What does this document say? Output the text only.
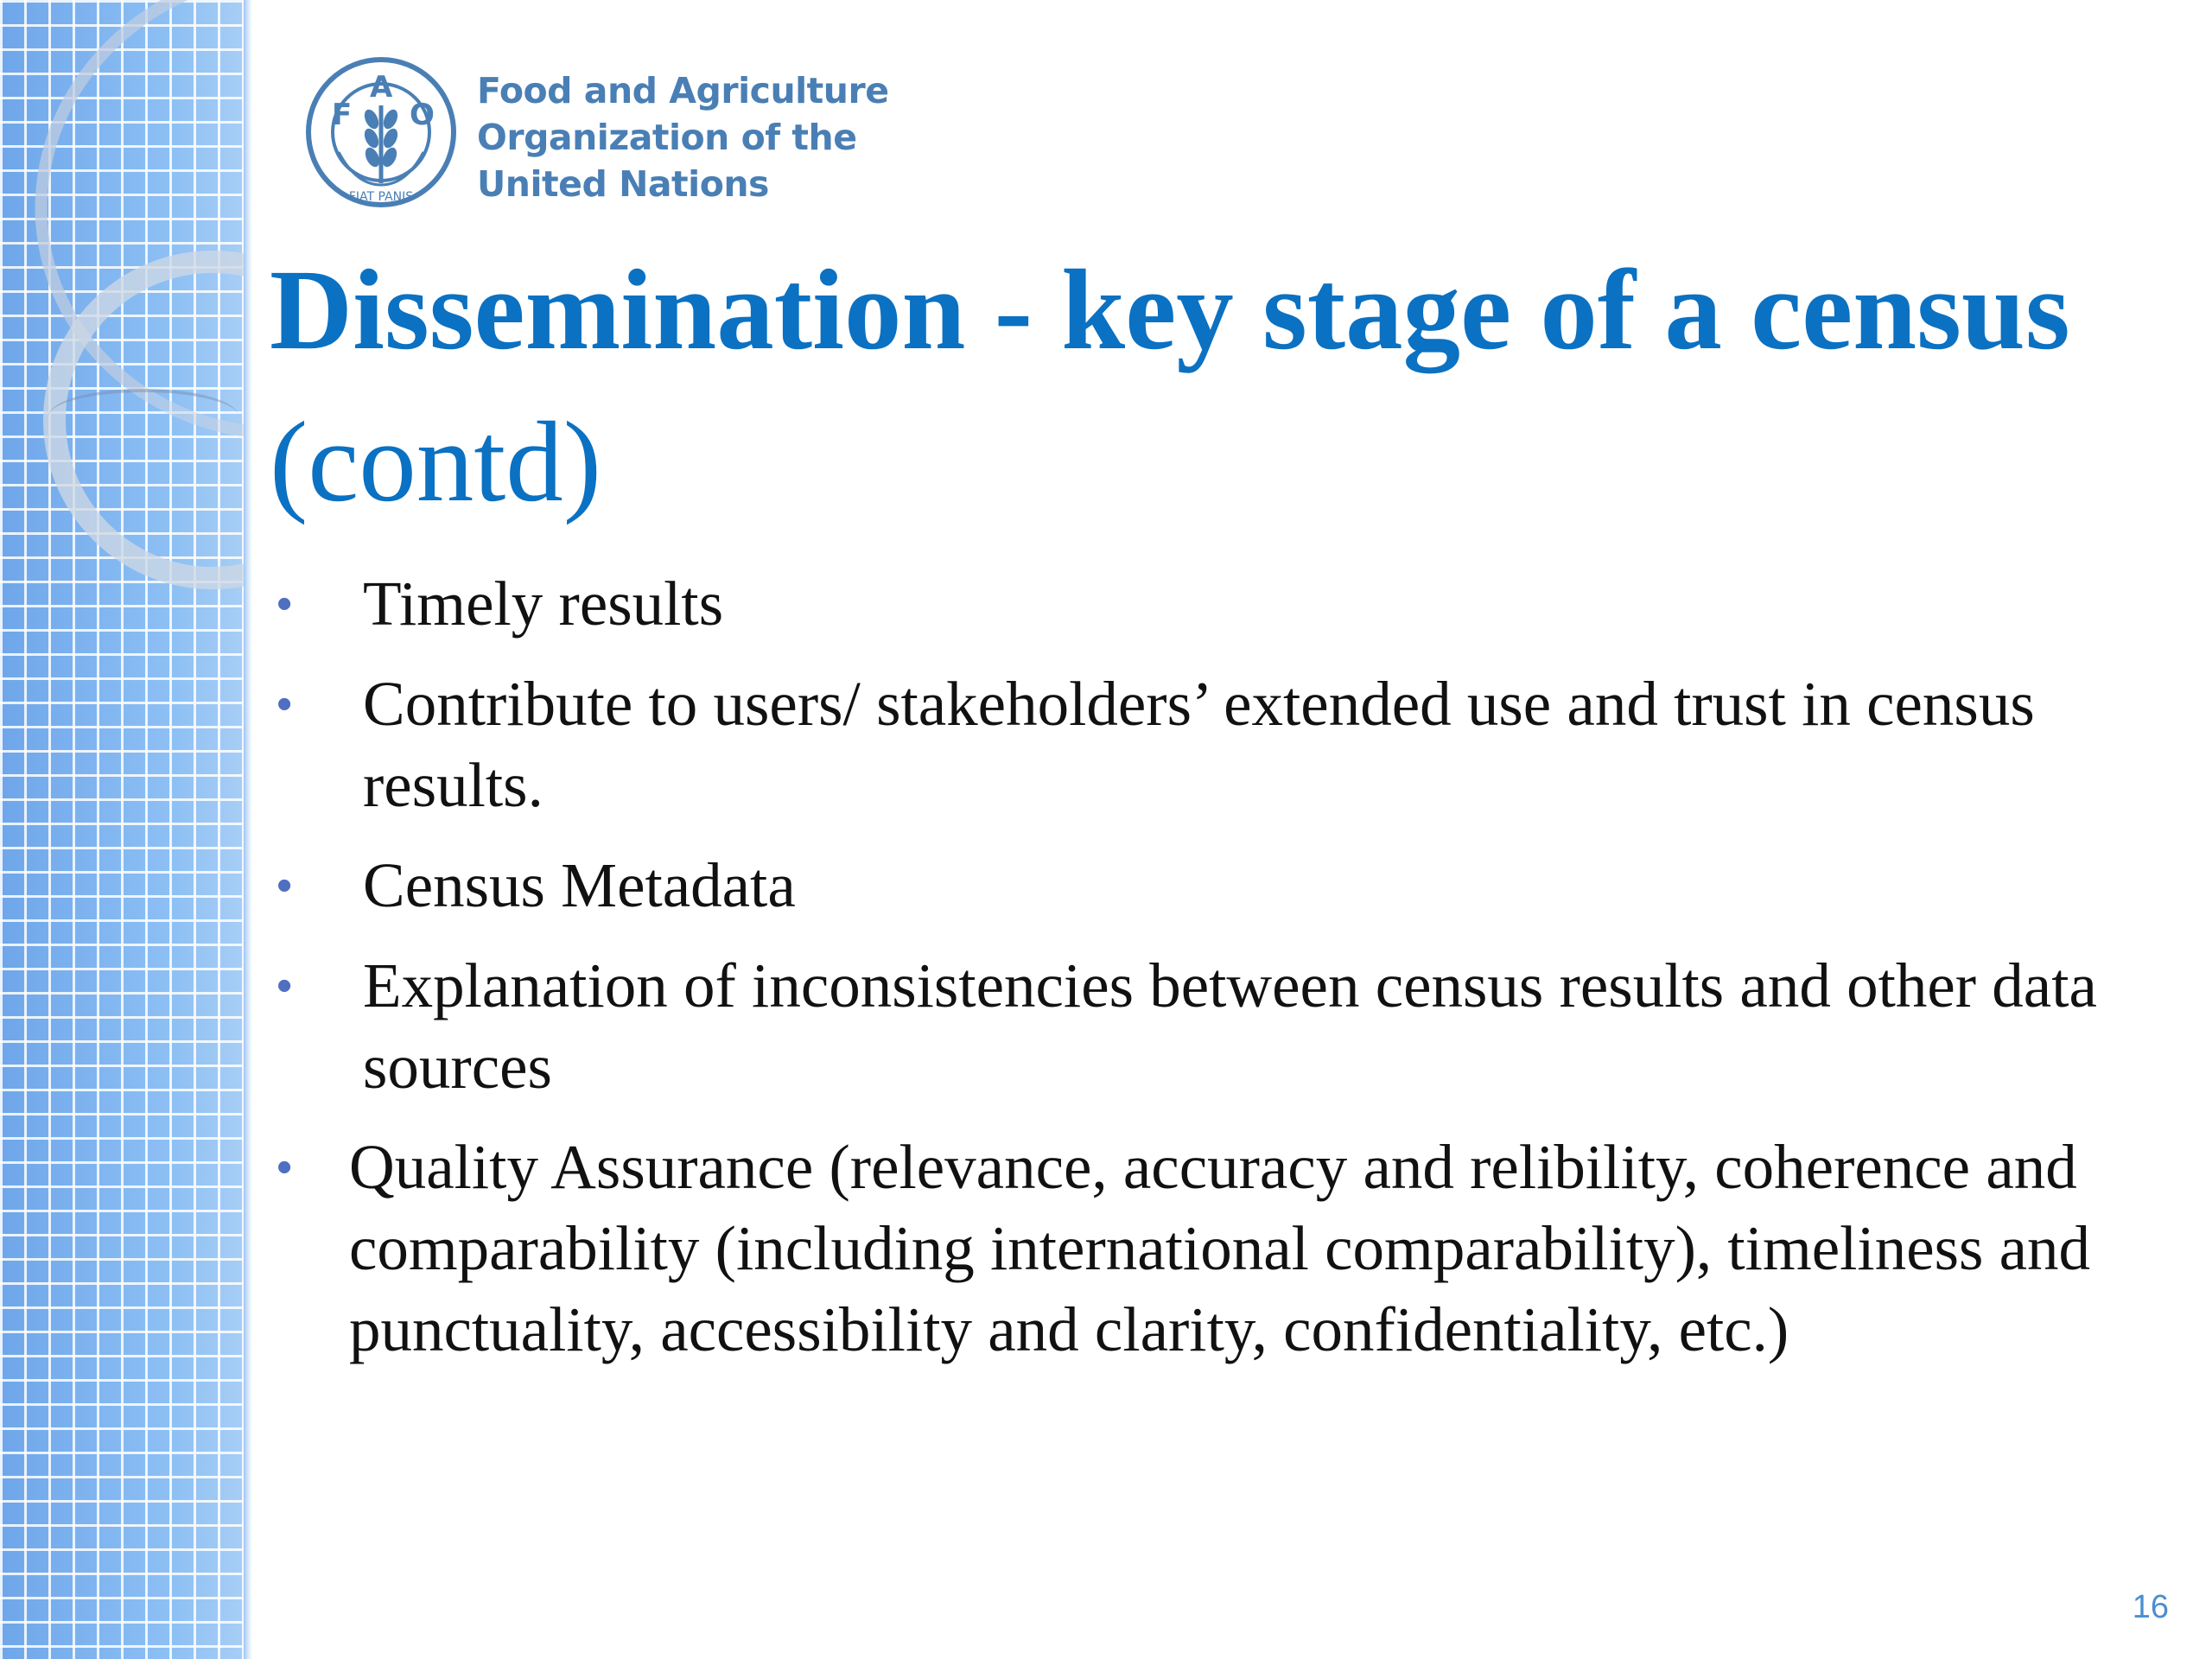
F
A
O
FIAT PANIS
Food and Agriculture
Organization of the
United Nations
Dissemination - key stage of a census (contd)
•	Timely results
•	Contribute to users/ stakeholders’ extended use and trust in census results.
•	Census Metadata
•	Explanation of inconsistencies between census results and other data sources
• Quality Assurance (relevance, accuracy and relibility, coherence and comparability (including international comparability), timeliness and punctuality, accessibility and clarity, confidentiality, etc.)
16
